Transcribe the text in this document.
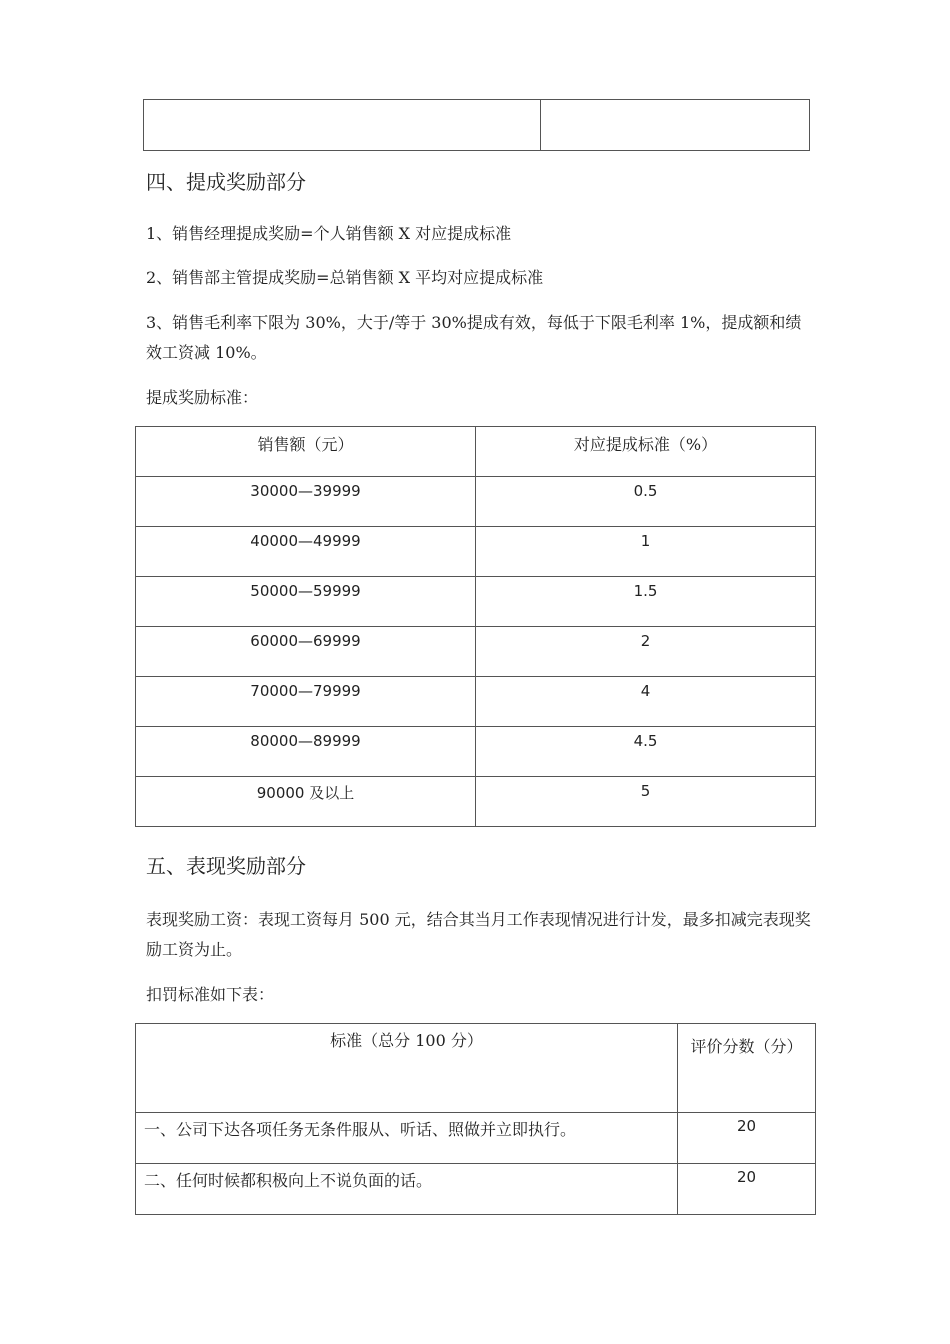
四、提成奖励部分

1、销售经理提成奖励=个人销售额 X 对应提成标准

2、销售部主管提成奖励=总销售额 X 平均对应提成标准

3、销售毛利率下限为 30%，大于/等于 30%提成有效，每低于下限毛利率 1%，提成额和绩效工资减 10%。

提成奖励标准：

销售额（元）	对应提成标准（%）
30000—39999	0.5
40000—49999	1
50000—59999	1.5
60000—69999	2
70000—79999	4
80000—89999	4.5
90000 及以上	5
五、表现奖励部分

表现奖励工资：表现工资每月 500 元，结合其当月工作表现情况进行计发，最多扣减完表现奖励工资为止。

扣罚标准如下表：

标准（总分 100 分）	评价分数（分）
一、公司下达各项任务无条件服从、听话、照做并立即执行。	20
二、任何时候都积极向上不说负面的话。	20
